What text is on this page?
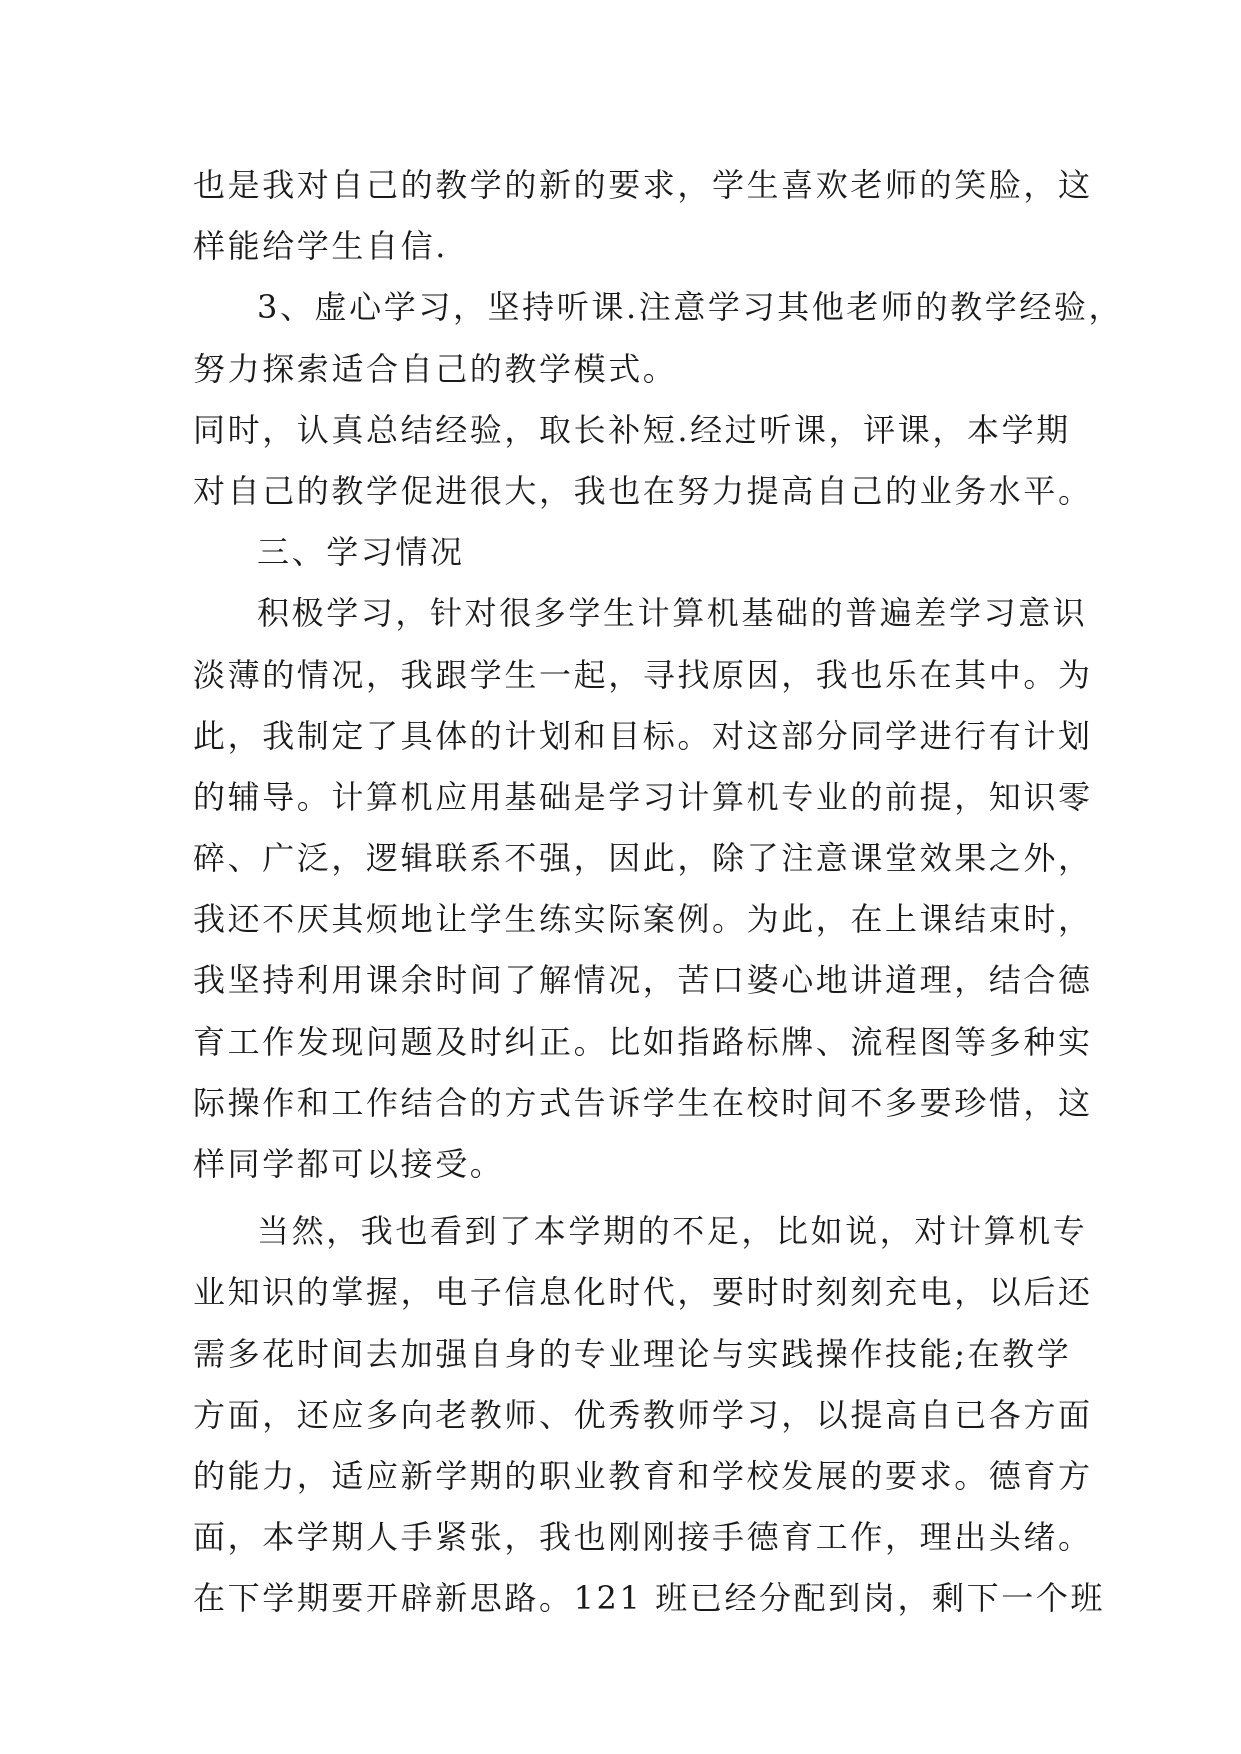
也是我对自己的教学的新的要求，学生喜欢老师的笑脸，这
样能给学生自信.
3、虚心学习，坚持听课.注意学习其他老师的教学经验，
努力探索适合自己的教学模式。
同时，认真总结经验，取长补短.经过听课，评课，本学期
对自己的教学促进很大，我也在努力提高自己的业务水平。
三、学习情况
积极学习，针对很多学生计算机基础的普遍差学习意识
淡薄的情况，我跟学生一起，寻找原因，我也乐在其中。为
此，我制定了具体的计划和目标。对这部分同学进行有计划
的辅导。计算机应用基础是学习计算机专业的前提，知识零
碎、广泛，逻辑联系不强，因此，除了注意课堂效果之外，
我还不厌其烦地让学生练实际案例。为此，在上课结束时，
我坚持利用课余时间了解情况，苦口婆心地讲道理，结合德
育工作发现问题及时纠正。比如指路标牌、流程图等多种实
际操作和工作结合的方式告诉学生在校时间不多要珍惜，这
样同学都可以接受。
当然，我也看到了本学期的不足，比如说，对计算机专
业知识的掌握，电子信息化时代，要时时刻刻充电，以后还
需多花时间去加强自身的专业理论与实践操作技能;在教学
方面，还应多向老教师、优秀教师学习，以提高自已各方面
的能力，适应新学期的职业教育和学校发展的要求。德育方
面，本学期人手紧张，我也刚刚接手德育工作，理出头绪。
在下学期要开辟新思路。121 班已经分配到岗，剩下一个班
